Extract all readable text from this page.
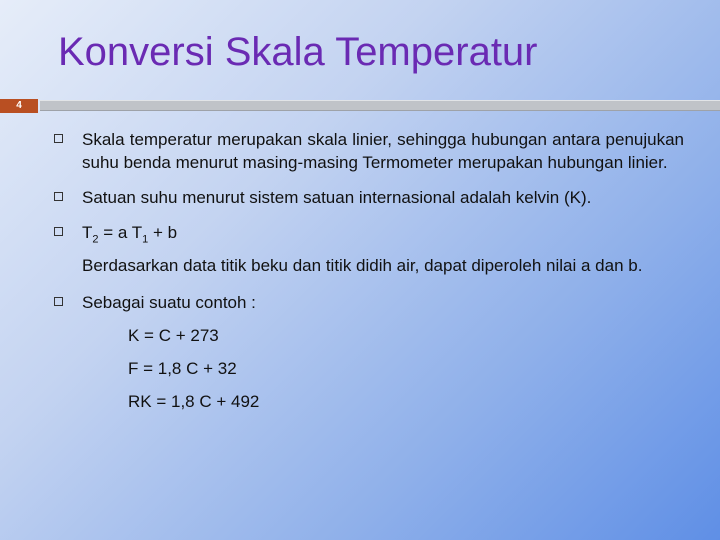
Konversi Skala Temperatur
4
Skala temperatur merupakan skala linier, sehingga hubungan antara penujukan suhu benda menurut masing-masing Termometer merupakan hubungan linier.
Satuan suhu menurut sistem satuan internasional adalah kelvin (K).
$T_2 = a$ $T_1 + b$
Berdasarkan data titik beku dan titik didih air, dapat diperoleh nilai a dan b.
Sebagai suatu contoh :
K = C + 273
F = 1,8 C + 32
RK = 1,8 C + 492
